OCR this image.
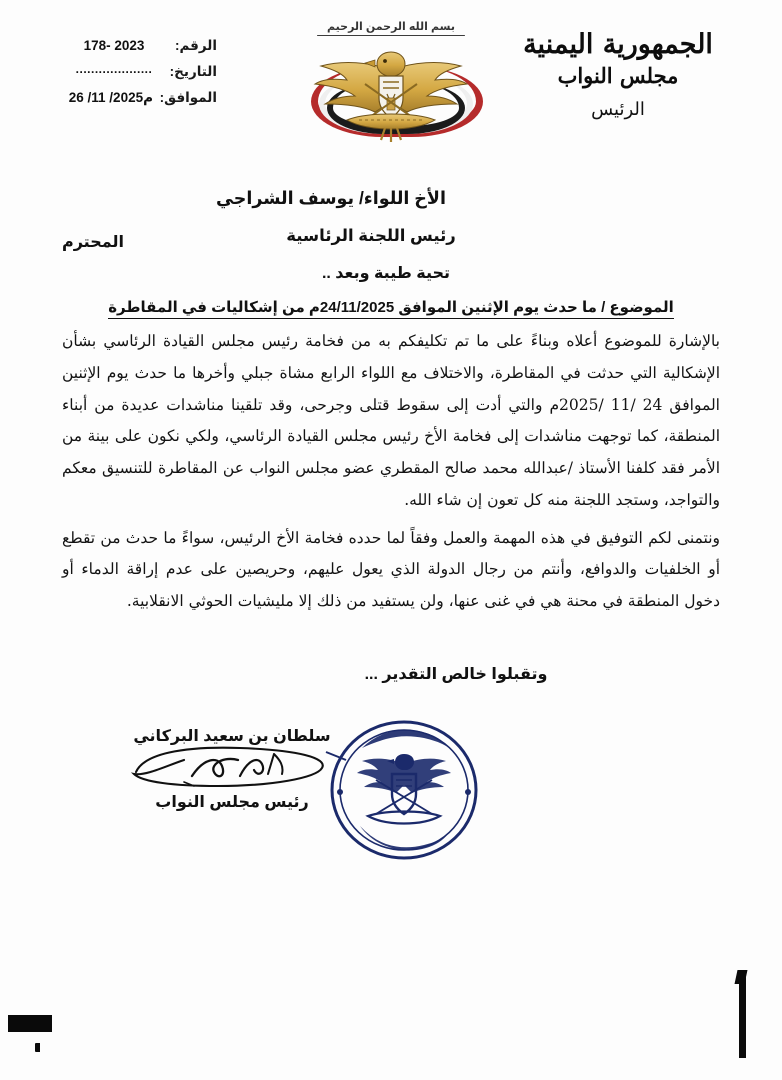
الرقم:
178- 2023
التاريخ:
....................
الموافق:
26 /11 /2025م
بسم الله الرحمن الرحيم
الجمهورية اليمنية
مجلس النواب
الرئيس
الأخ اللواء/ يوسف الشراجي
رئيس اللجنة الرئاسية
تحية طيبة وبعد ..
المحترم
الموضوع / ما حدث يوم الإثنين الموافق 24/11/2025م من إشكاليات في المقاطرة

بالإشارة للموضوع أعلاه وبناءً على ما تم تكليفكم به من فخامة رئيس مجلس القيادة الرئاسي بشأن الإشكالية التي حدثت في المقاطرة، والاختلاف مع اللواء الرابع مشاة جبلي وأخرها ما حدث يوم الإثنين الموافق 24 /11 /2025م والتي أدت إلى سقوط قتلى وجرحى، وقد تلقينا مناشدات عديدة من أبناء المنطقة، كما توجهت مناشدات إلى فخامة الأخ رئيس مجلس القيادة الرئاسي، ولكي نكون على بينة من الأمر فقد كلفنا الأستاذ /عبدالله محمد صالح المقطري عضو مجلس النواب عن المقاطرة للتنسيق معكم والتواجد، وستجد اللجنة منه كل تعون إن شاء الله.

ونتمنى لكم التوفيق في هذه المهمة والعمل وفقاً لما حدده فخامة الأخ الرئيس، سواءً ما حدث من تقطع أو الخلفيات والدوافع، وأنتم من رجال الدولة الذي يعول عليهم، وحريصين على عدم إراقة الدماء أو دخول المنطقة في محنة هي في غنى عنها، ولن يستفيد من ذلك إلا مليشيات الحوثي الانقلابية.

وتقبلوا خالص التقدير ...
سلطان بن سعيد البركاني
رئيس مجلس النواب
